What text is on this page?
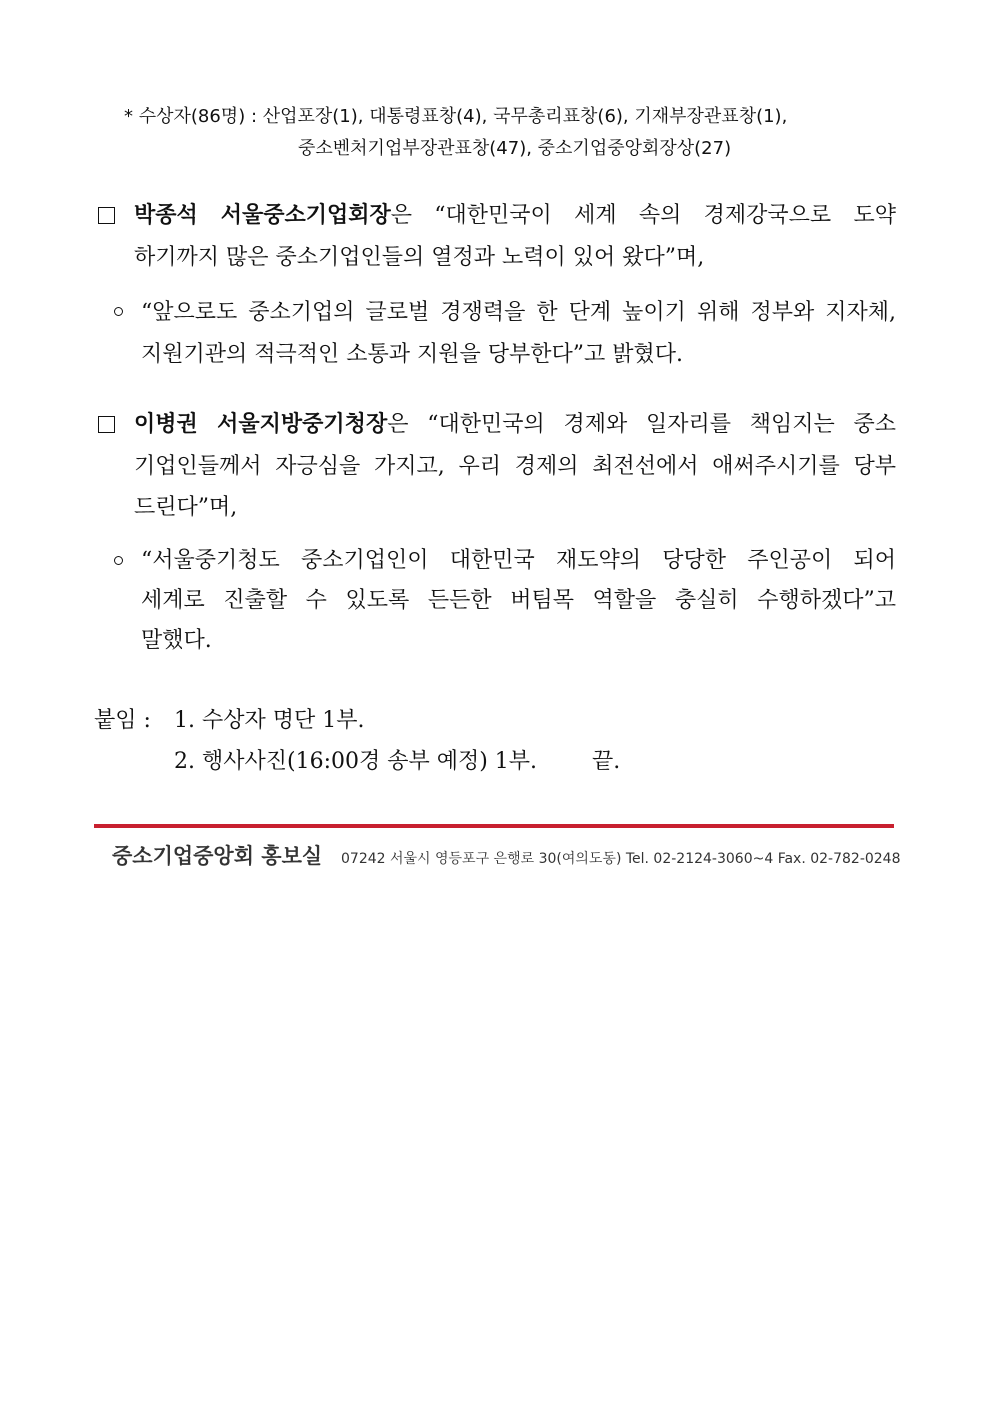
* 수상자(86명) : 산업포장(1), 대통령표창(4), 국무총리표창(6), 기재부장관표창(1),
중소벤처기업부장관표창(47), 중소기업중앙회장상(27)
박종석 서울중소기업회장은 “대한민국이 세계 속의 경제강국으로 도약
하기까지 많은 중소기업인들의 열정과 노력이 있어 왔다”며,
“앞으로도 중소기업의 글로벌 경쟁력을 한 단계 높이기 위해 정부와 지자체,
지원기관의 적극적인 소통과 지원을 당부한다”고 밝혔다.
이병권 서울지방중기청장은 “대한민국의 경제와 일자리를 책임지는 중소
기업인들께서 자긍심을 가지고, 우리 경제의 최전선에서 애써주시기를 당부
드린다”며,
“서울중기청도 중소기업인이 대한민국 재도약의 당당한 주인공이 되어
세계로 진출할 수 있도록 든든한 버팀목 역할을 충실히 수행하겠다”고
말했다.
붙임 : 1. 수상자 명단 1부.
2. 행사사진(16:00경 송부 예정) 1부. 끝.
중소기업중앙회 홍보실 07242 서울시 영등포구 은행로 30(여의도동) Tel. 02-2124-3060~4 Fax. 02-782-0248
